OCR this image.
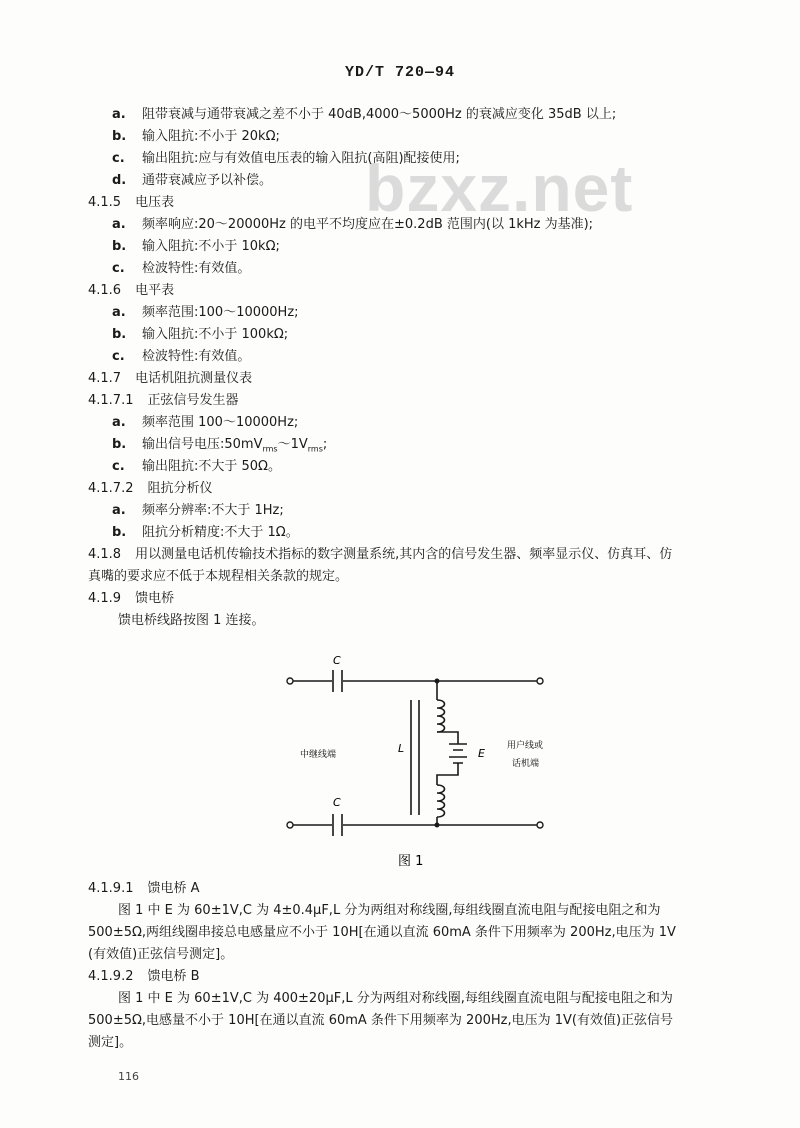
YD/T 720—94
bzxz.net
a. 阻带衰减与通带衰减之差不小于 40dB,4000～5000Hz 的衰减应变化 35dB 以上;
b. 输入阻抗:不小于 20kΩ;
c. 输出阻抗:应与有效值电压表的输入阻抗(高阻)配接使用;
d. 通带衰减应予以补偿。
4.1.5 电压表
a. 频率响应:20～20000Hz 的电平不均度应在±0.2dB 范围内(以 1kHz 为基准);
b. 输入阻抗:不小于 10kΩ;
c. 检波特性:有效值。
4.1.6 电平表
a. 频率范围:100～10000Hz;
b. 输入阻抗:不小于 100kΩ;
c. 检波特性:有效值。
4.1.7 电话机阻抗测量仪表
4.1.7.1 正弦信号发生器
a. 频率范围 100～10000Hz;
b. 输出信号电压$:50mV_{rms}\sim 1V_{rms}$;
c. 输出阻抗:不大于 50Ω。
4.1.7.2 阻抗分析仪
a. 频率分辨率:不大于 1Hz;
b. 阻抗分析精度:不大于 1Ω。
4.1.8 用以测量电话机传输技术指标的数字测量系统,其内含的信号发生器、频率显示仪、仿真耳、仿
真嘴的要求应不低于本规程相关条款的规定。
4.1.9 馈电桥
馈电桥线路按图 1 连接。
4.1.9.1 馈电桥 A
图 1 中 E 为 60±1V,C 为 4±0.4μF,L 分为两组对称线圈,每组线圈直流电阻与配接电阻之和为
500±5Ω,两组线圈串接总电感量应不小于 10H[在通以直流 60mA 条件下用频率为 200Hz,电压为 1V
(有效值)正弦信号测定]。
4.1.9.2 馈电桥 B
图 1 中 E 为 60±1V,C 为 400±20μF,L 分为两组对称线圈,每组线圈直流电阻与配接电阻之和为
500±5Ω,电感量不小于 10H[在通以直流 60mA 条件下用频率为 200Hz,电压为 1V(有效值)正弦信号
测定]。
C
C
L	E
中继线端
用户线或
话机端
图 1
116
